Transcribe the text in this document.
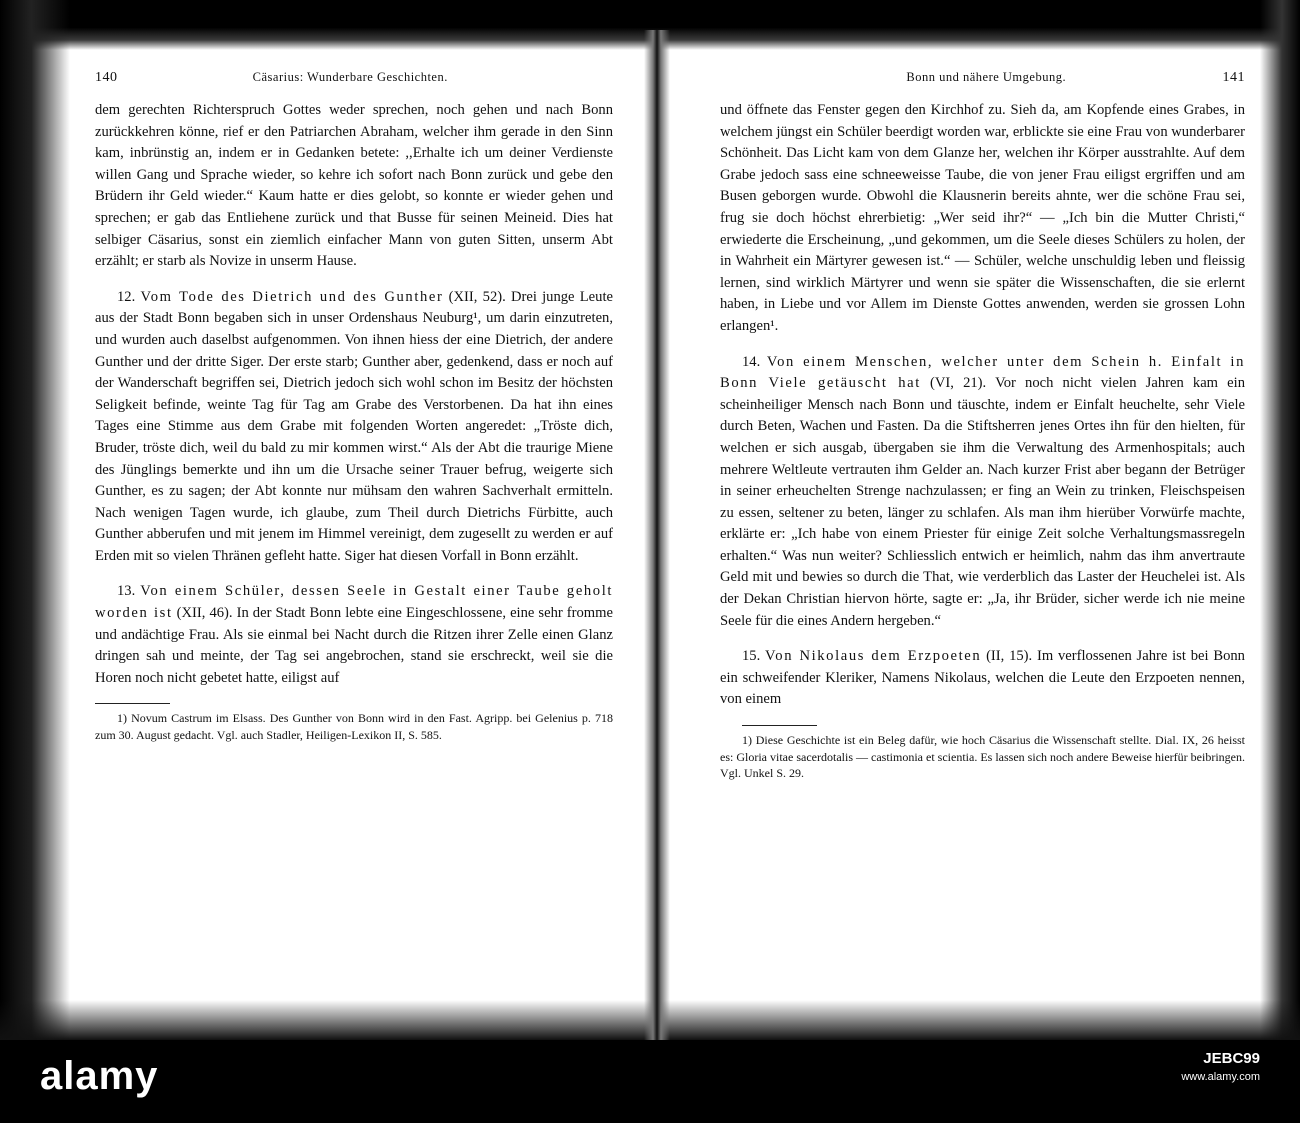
140	Cäsarius: Wunderbare Geschichten.

dem gerechten Richterspruch Gottes weder sprechen, noch gehen und nach Bonn zurückkehren könne, rief er den Patriarchen Abraham, welcher ihm gerade in den Sinn kam, inbrünstig an, indem er in Gedanken betete: ,,Erhalte ich um deiner Verdienste willen Gang und Sprache wieder, so kehre ich sofort nach Bonn zurück und gebe den Brüdern ihr Geld wieder.“ Kaum hatte er dies gelobt, so konnte er wieder gehen und sprechen; er gab das Entliehene zurück und that Busse für seinen Meineid. Dies hat selbiger Cäsarius, sonst ein ziemlich einfacher Mann von guten Sitten, unserm Abt erzählt; er starb als Novize in unserm Hause.

12. Vom Tode des Dietrich und des Gunther (XII, 52). Drei junge Leute aus der Stadt Bonn begaben sich in unser Ordenshaus Neuburg¹, um darin einzutreten, und wurden auch daselbst aufgenommen. Von ihnen hiess der eine Dietrich, der andere Gunther und der dritte Siger. Der erste starb; Gunther aber, gedenkend, dass er noch auf der Wanderschaft begriffen sei, Dietrich jedoch sich wohl schon im Besitz der höchsten Seligkeit befinde, weinte Tag für Tag am Grabe des Verstorbenen. Da hat ihn eines Tages eine Stimme aus dem Grabe mit folgenden Worten angeredet: „Tröste dich, Bruder, tröste dich, weil du bald zu mir kommen wirst.“ Als der Abt die traurige Miene des Jünglings bemerkte und ihn um die Ursache seiner Trauer befrug, weigerte sich Gunther, es zu sagen; der Abt konnte nur mühsam den wahren Sachverhalt ermitteln. Nach wenigen Tagen wurde, ich glaube, zum Theil durch Dietrichs Fürbitte, auch Gunther abberufen und mit jenem im Himmel vereinigt, dem zugesellt zu werden er auf Erden mit so vielen Thränen gefleht hatte. Siger hat diesen Vorfall in Bonn erzählt.

13. Von einem Schüler, dessen Seele in Gestalt einer Taube geholt worden ist (XII, 46). In der Stadt Bonn lebte eine Eingeschlossene, eine sehr fromme und andächtige Frau. Als sie einmal bei Nacht durch die Ritzen ihrer Zelle einen Glanz dringen sah und meinte, der Tag sei angebrochen, stand sie erschreckt, weil sie die Horen noch nicht gebetet hatte, eiligst auf

1) Novum Castrum im Elsass. Des Gunther von Bonn wird in den Fast. Agripp. bei Gelenius p. 718 zum 30. August gedacht. Vgl. auch Stadler, Heiligen-Lexikon II, S. 585.

Bonn und nähere Umgebung.	141

und öffnete das Fenster gegen den Kirchhof zu. Sieh da, am Kopfende eines Grabes, in welchem jüngst ein Schüler beerdigt worden war, erblickte sie eine Frau von wunderbarer Schönheit. Das Licht kam von dem Glanze her, welchen ihr Körper ausstrahlte. Auf dem Grabe jedoch sass eine schneeweisse Taube, die von jener Frau eiligst ergriffen und am Busen geborgen wurde. Obwohl die Klausnerin bereits ahnte, wer die schöne Frau sei, frug sie doch höchst ehrerbietig: „Wer seid ihr?“ — „Ich bin die Mutter Christi,“ erwiederte die Erscheinung, „und gekommen, um die Seele dieses Schülers zu holen, der in Wahrheit ein Märtyrer gewesen ist.“ — Schüler, welche unschuldig leben und fleissig lernen, sind wirklich Märtyrer und wenn sie später die Wissenschaften, die sie erlernt haben, in Liebe und vor Allem im Dienste Gottes anwenden, werden sie grossen Lohn erlangen¹.

14. Von einem Menschen, welcher unter dem Schein h. Einfalt in Bonn Viele getäuscht hat (VI, 21). Vor noch nicht vielen Jahren kam ein scheinheiliger Mensch nach Bonn und täuschte, indem er Einfalt heuchelte, sehr Viele durch Beten, Wachen und Fasten. Da die Stiftsherren jenes Ortes ihn für den hielten, für welchen er sich ausgab, übergaben sie ihm die Verwaltung des Armenhospitals; auch mehrere Weltleute vertrauten ihm Gelder an. Nach kurzer Frist aber begann der Betrüger in seiner erheuchelten Strenge nachzulassen; er fing an Wein zu trinken, Fleischspeisen zu essen, seltener zu beten, länger zu schlafen. Als man ihm hierüber Vorwürfe machte, erklärte er: „Ich habe von einem Priester für einige Zeit solche Verhaltungsmassregeln erhalten.“ Was nun weiter? Schliesslich entwich er heimlich, nahm das ihm anvertraute Geld mit und bewies so durch die That, wie verderblich das Laster der Heuchelei ist. Als der Dekan Christian hiervon hörte, sagte er: „Ja, ihr Brüder, sicher werde ich nie meine Seele für die eines Andern hergeben.“

15. Von Nikolaus dem Erzpoeten (II, 15). Im verflossenen Jahre ist bei Bonn ein schweifender Kleriker, Namens Nikolaus, welchen die Leute den Erzpoeten nennen, von einem

1) Diese Geschichte ist ein Beleg dafür, wie hoch Cäsarius die Wissenschaft stellte. Dial. IX, 26 heisst es: Gloria vitae sacerdotalis — castimonia et scientia. Es lassen sich noch andere Beweise hierfür beibringen. Vgl. Unkel S. 29.

alamy	JEBC99
www.alamy.com
